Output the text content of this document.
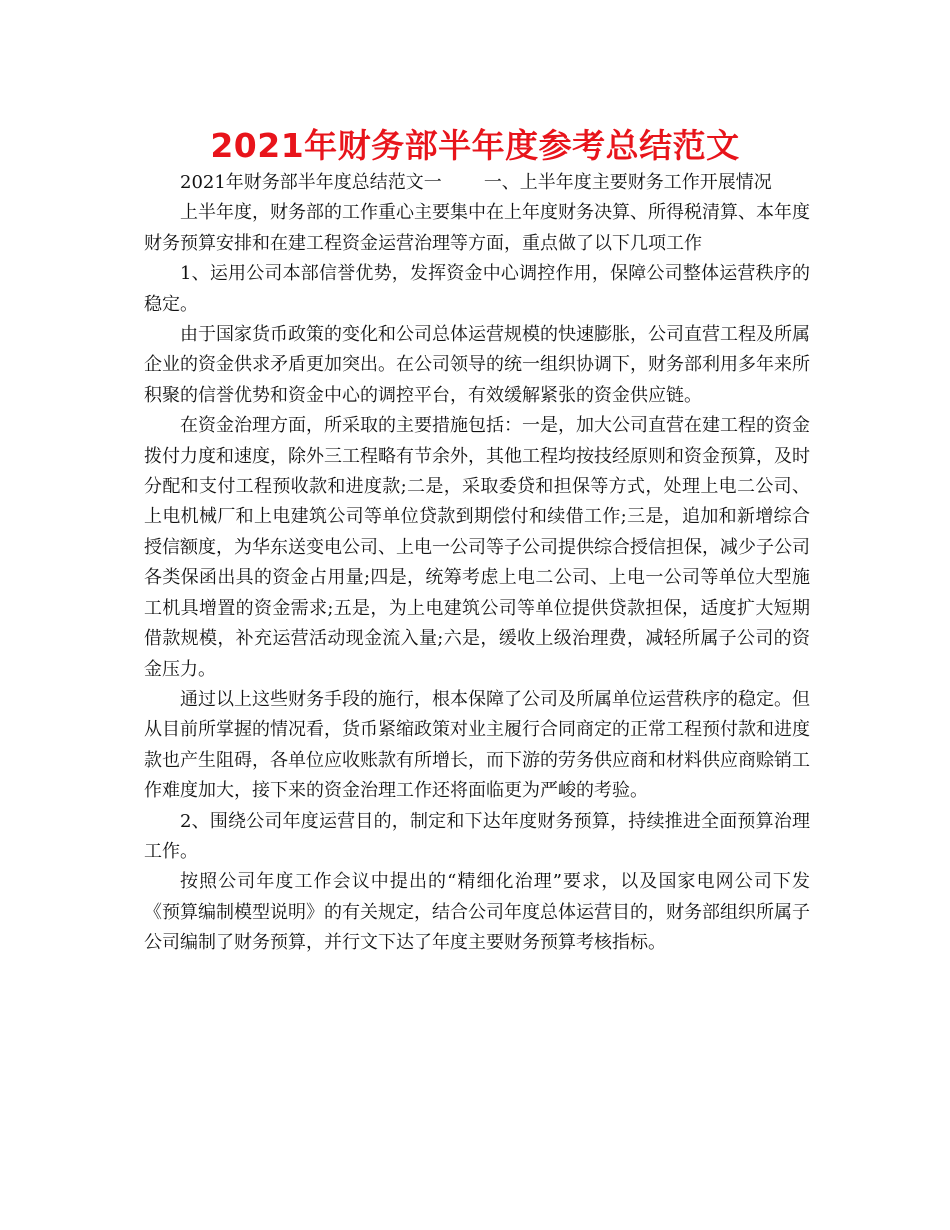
2021年财务部半年度参考总结范文

2021年财务部半年度总结范文一 一、上半年度主要财务工作开展情况

上半年度，财务部的工作重心主要集中在上年度财务决算、所得税清算、本年度财务预算安排和在建工程资金运营治理等方面，重点做了以下几项工作

1、运用公司本部信誉优势，发挥资金中心调控作用，保障公司整体运营秩序的稳定。

由于国家货币政策的变化和公司总体运营规模的快速膨胀，公司直营工程及所属企业的资金供求矛盾更加突出。在公司领导的统一组织协调下，财务部利用多年来所积聚的信誉优势和资金中心的调控平台，有效缓解紧张的资金供应链。

在资金治理方面，所采取的主要措施包括：一是，加大公司直营在建工程的资金拨付力度和速度，除外三工程略有节余外，其他工程均按技经原则和资金预算，及时分配和支付工程预收款和进度款;二是，采取委贷和担保等方式，处理上电二公司、上电机械厂和上电建筑公司等单位贷款到期偿付和续借工作;三是，追加和新增综合授信额度，为华东送变电公司、上电一公司等子公司提供综合授信担保，减少子公司各类保函出具的资金占用量;四是，统筹考虑上电二公司、上电一公司等单位大型施工机具增置的资金需求;五是，为上电建筑公司等单位提供贷款担保，适度扩大短期借款规模，补充运营活动现金流入量;六是，缓收上级治理费，减轻所属子公司的资金压力。

通过以上这些财务手段的施行，根本保障了公司及所属单位运营秩序的稳定。但从目前所掌握的情况看，货币紧缩政策对业主履行合同商定的正常工程预付款和进度款也产生阻碍，各单位应收账款有所增长，而下游的劳务供应商和材料供应商赊销工作难度加大，接下来的资金治理工作还将面临更为严峻的考验。

2、围绕公司年度运营目的，制定和下达年度财务预算，持续推进全面预算治理工作。

按照公司年度工作会议中提出的“精细化治理”要求，以及国家电网公司下发《预算编制模型说明》的有关规定，结合公司年度总体运营目的，财务部组织所属子公司编制了财务预算，并行文下达了年度主要财务预算考核指标。
